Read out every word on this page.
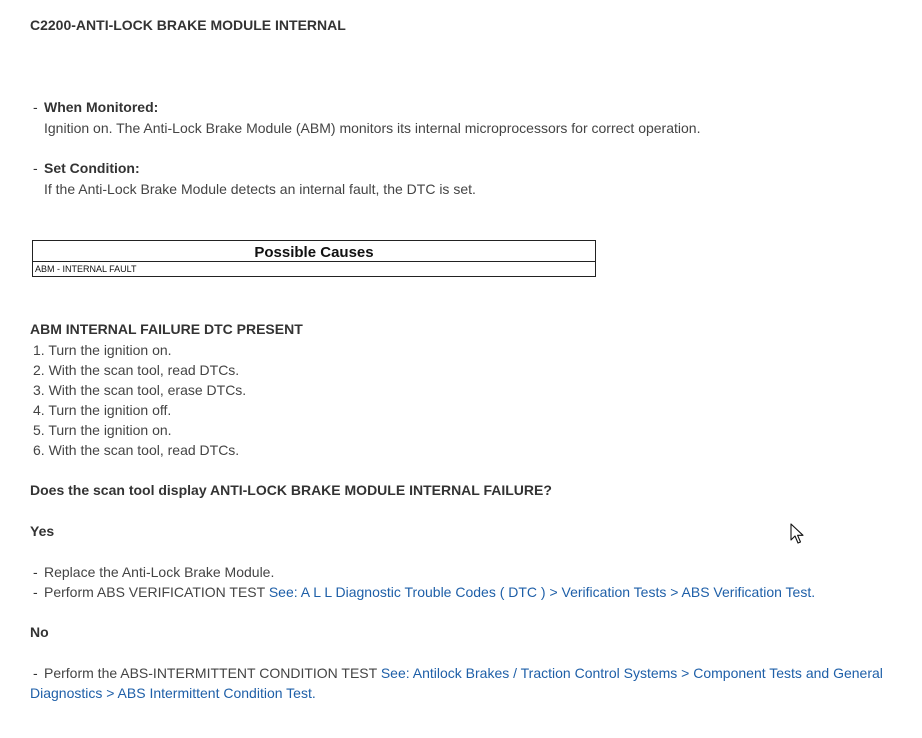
C2200-ANTI-LOCK BRAKE MODULE INTERNAL
- When Monitored:
Ignition on. The Anti-Lock Brake Module (ABM) monitors its internal microprocessors for correct operation.
- Set Condition:
If the Anti-Lock Brake Module detects an internal fault, the DTC is set.
Possible Causes
ABM - INTERNAL FAULT
ABM INTERNAL FAILURE DTC PRESENT
1. Turn the ignition on.
2. With the scan tool, read DTCs.
3. With the scan tool, erase DTCs.
4. Turn the ignition off.
5. Turn the ignition on.
6. With the scan tool, read DTCs.
Does the scan tool display ANTI-LOCK BRAKE MODULE INTERNAL FAILURE?
Yes
- Replace the Anti-Lock Brake Module.
- Perform ABS VERIFICATION TEST See: A L L Diagnostic Trouble Codes ( DTC ) > Verification Tests > ABS Verification Test.
No
- Perform the ABS-INTERMITTENT CONDITION TEST See: Antilock Brakes / Traction Control Systems > Component Tests and General
Diagnostics > ABS Intermittent Condition Test.
